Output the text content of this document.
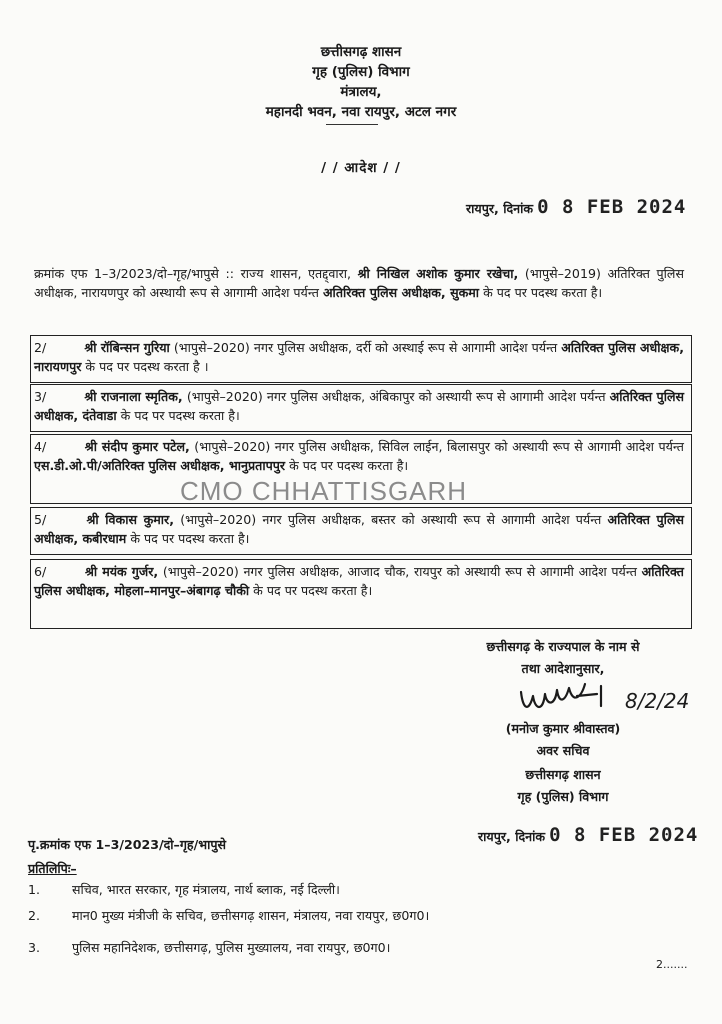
छत्तीसगढ़ शासन
गृह (पुलिस) विभाग
मंत्रालय,
महानदी भवन, नवा रायपुर, अटल नगर
/ / आदेश / /
रायपुर, दिनांक 0 8 FEB 2024
क्रमांक एफ 1–3/2023/दो–गृह/भापुसे :: राज्य शासन, एतद्द्वारा, श्री निखिल अशोक कुमार रखेचा, (भापुसे–2019) अतिरिक्त पुलिस अधीक्षक, नारायणपुर को अस्थायी रूप से आगामी आदेश पर्यन्त अतिरिक्त पुलिस अधीक्षक, सुकमा के पद पर पदस्थ करता है।
2/	श्री रॉबिन्सन गुरिया (भापुसे–2020) नगर पुलिस अधीक्षक, दर्री को अस्थाई रूप से आगामी आदेश पर्यन्त अतिरिक्त पुलिस अधीक्षक, नारायणपुर के पद पर पदस्थ करता है ।
3/	श्री राजनाला स्मृतिक, (भापुसे–2020) नगर पुलिस अधीक्षक, अंबिकापुर को अस्थायी रूप से आगामी आदेश पर्यन्त अतिरिक्त पुलिस अधीक्षक, दंतेवाडा के पद पर पदस्थ करता है।
4/	श्री संदीप कुमार पटेल, (भापुसे–2020) नगर पुलिस अधीक्षक, सिविल लाईन, बिलासपुर को अस्थायी रूप से आगामी आदेश पर्यन्त एस.डी.ओ.पी/अतिरिक्त पुलिस अधीक्षक, भानुप्रतापपुर के पद पर पदस्थ करता है।
CMO CHHATTISGARH
5/	श्री विकास कुमार, (भापुसे–2020) नगर पुलिस अधीक्षक, बस्तर को अस्थायी रूप से आगामी आदेश पर्यन्त अतिरिक्त पुलिस अधीक्षक, कबीरधाम के पद पर पदस्थ करता है।
6/	श्री मयंक गुर्जर, (भापुसे–2020) नगर पुलिस अधीक्षक, आजाद चौक, रायपुर को अस्थायी रूप से आगामी आदेश पर्यन्त अतिरिक्त पुलिस अधीक्षक, मोहला–मानपुर–अंबागढ़ चौकी के पद पर पदस्थ करता है।
छत्तीसगढ़ के राज्यपाल के नाम से
तथा आदेशानुसार,
8/2/24
(मनोज कुमार श्रीवास्तव)
अवर सचिव
छत्तीसगढ़ शासन
गृह (पुलिस) विभाग
पृ.क्रमांक एफ 1–3/2023/दो–गृह/भापुसे
रायपुर, दिनांक 0 8 FEB 2024
प्रतिलिपिः–
1.	सचिव, भारत सरकार, गृह मंत्रालय, नार्थ ब्लाक, नई दिल्ली।
2.	मान0 मुख्य मंत्रीजी के सचिव, छत्तीसगढ़ शासन, मंत्रालय, नवा रायपुर, छ0ग0।
3.	पुलिस महानिदेशक, छत्तीसगढ़, पुलिस मुख्यालय, नवा रायपुर, छ0ग0।
2.......
